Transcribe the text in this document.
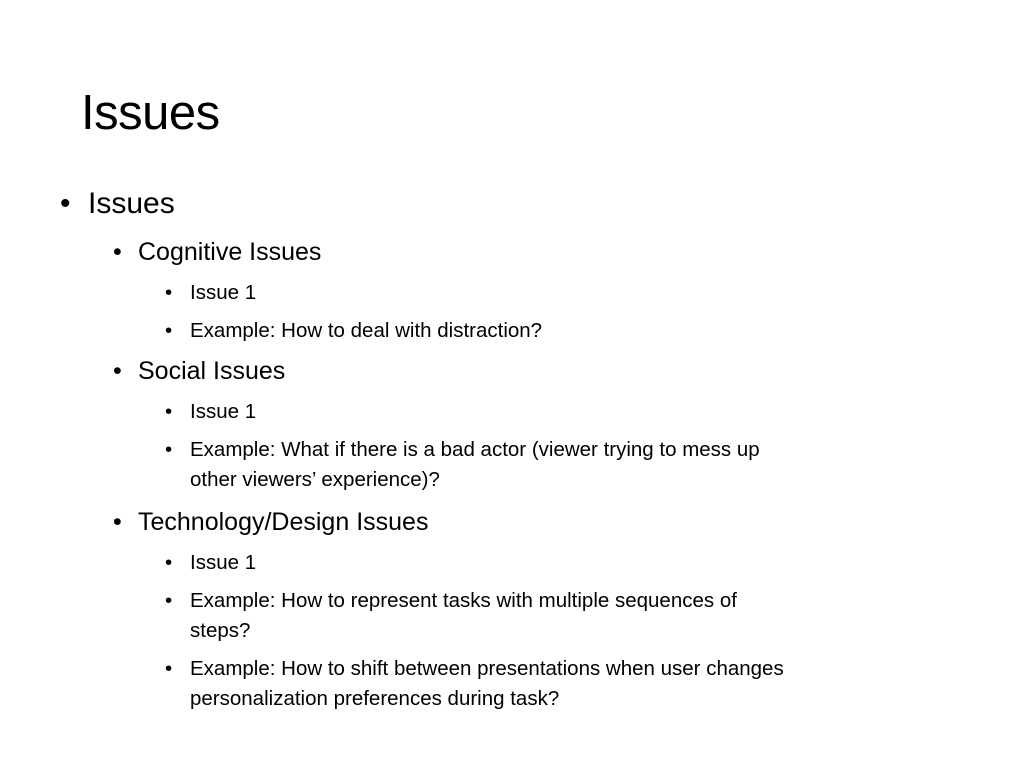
Issues
• Issues
• Cognitive Issues
• Issue 1
• Example: How to deal with distraction?
• Social Issues
• Issue 1
• Example: What if there is a bad actor (viewer trying to mess up
other viewers’ experience)?
• Technology/Design Issues
• Issue 1
• Example: How to represent tasks with multiple sequences of
steps?
• Example: How to shift between presentations when user changes
personalization preferences during task?
